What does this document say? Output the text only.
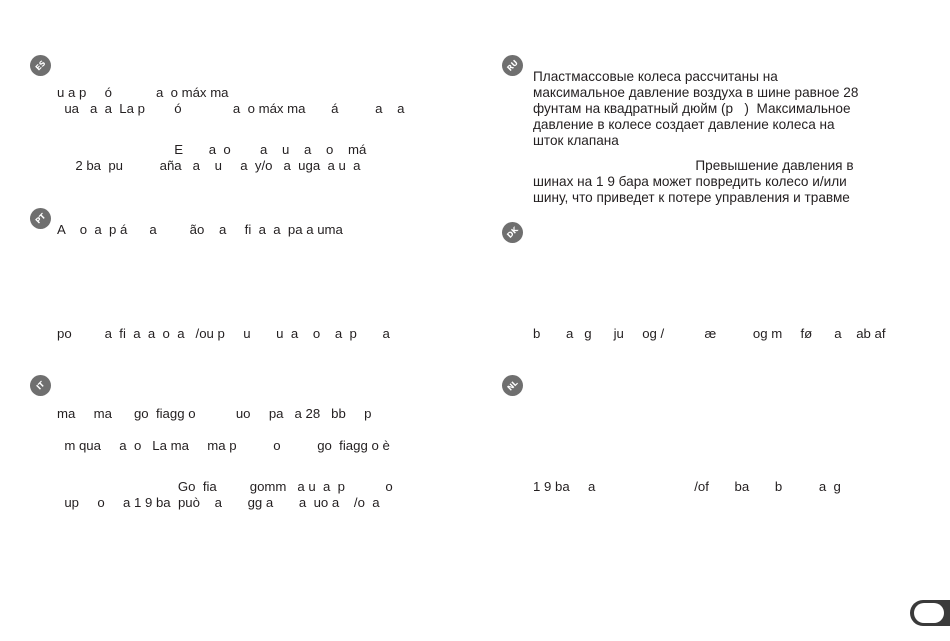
ES
PT
IT
RU
DK
NL
u a p     ó            a  o máx ma
ua   a  a  La p        ó              a  o máx ma       á          a    a
E       a  o        a    u    a    o    má
2 ba  pu          aña   a    u     a  y/o   a  uga  a u  a
A    o  a  p á      a         ão    a     fi  a  a  pa a uma
po         a  fi  a  a  o  a   /ou p     u       u  a    o    a  p       a
ma     ma      go  fiagg o           uo     pa   a 28   bb     p
m qua     a  o   La ma     ma p          o          go  fiagg o è
Go  fia         gomm   a u  a  p           o
up     o     a 1 9 ba  può    a       gg a       a  uo a    /o  a
Пластмассовые колеса рассчитаны на
максимальное давление воздуха в шине равное 28
фунтам на квадратный дюйм (p   )  Максимальное
давление в колесе создает давление колеса на
шток клапана
Превышение давления в
шинах на 1 9 бара может повредить колесо и/или
шину, что приведет к потере управления и травме
b       a   g      ju     og /           æ          og m     fø      a    ab af
1 9 ba     a                           /of       ba       b          a  g
